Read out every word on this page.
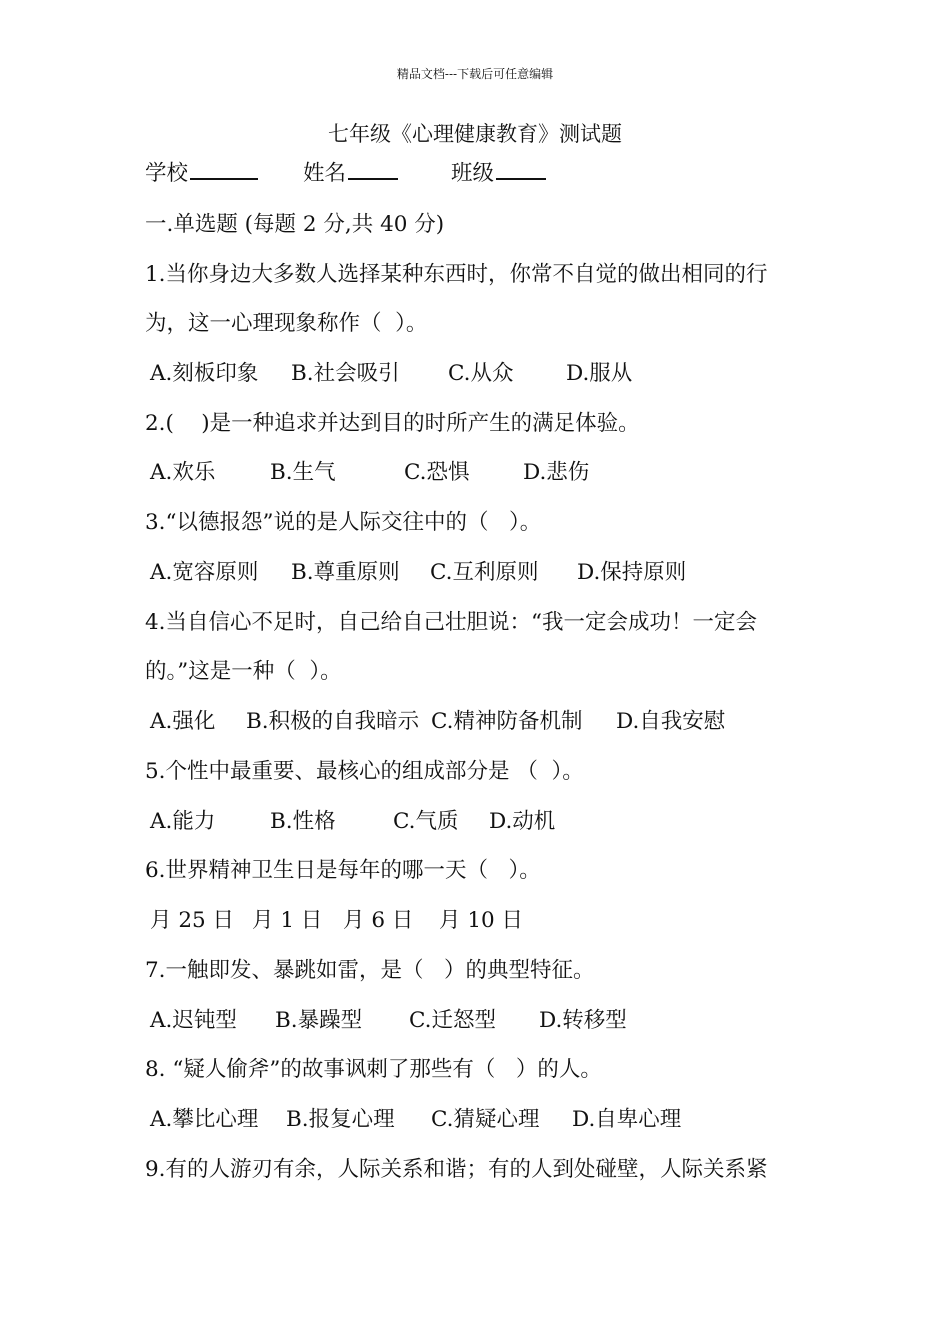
精品文档---下载后可任意编辑
七年级《心理健康教育》测试题
学校	姓名	班级
一.单选题 (每题 2 分,共 40 分)
1.当你身边大多数人选择某种东西时，你常不自觉的做出相同的行
为，这一心理现象称作（  ）。
A.刻板印象 B.社会吸引 C.从众 D.服从
2.(    )是一种追求并达到目的时所产生的满足体验。
A.欢乐	B.生气	C.恐惧 D.悲伤
3.“以德报怨”说的是人际交往中的（   ）。
A.宽容原则 B.尊重原则 C.互利原则 D.保持原则
4.当自信心不足时，自己给自己壮胆说：“我一定会成功！一定会
的。”这是一种（  ）。
A.强化 B.积极的自我暗示 C.精神防备机制 D.自我安慰
5.个性中最重要、最核心的组成部分是 （  ）。
A.能力	B.性格	C.气质 D.动机
6.世界精神卫生日是每年的哪一天（   ）。
月 25 日 月 1 日 月 6 日 月 10 日
7.一触即发、暴跳如雷，是（   ）的典型特征。
A.迟钝型 B.暴躁型 C.迁怒型 D.转移型
8. “疑人偷斧”的故事讽刺了那些有（   ）的人。
A.攀比心理 B.报复心理 C.猜疑心理 D.自卑心理
9.有的人游刃有余，人际关系和谐；有的人到处碰壁，人际关系紧
